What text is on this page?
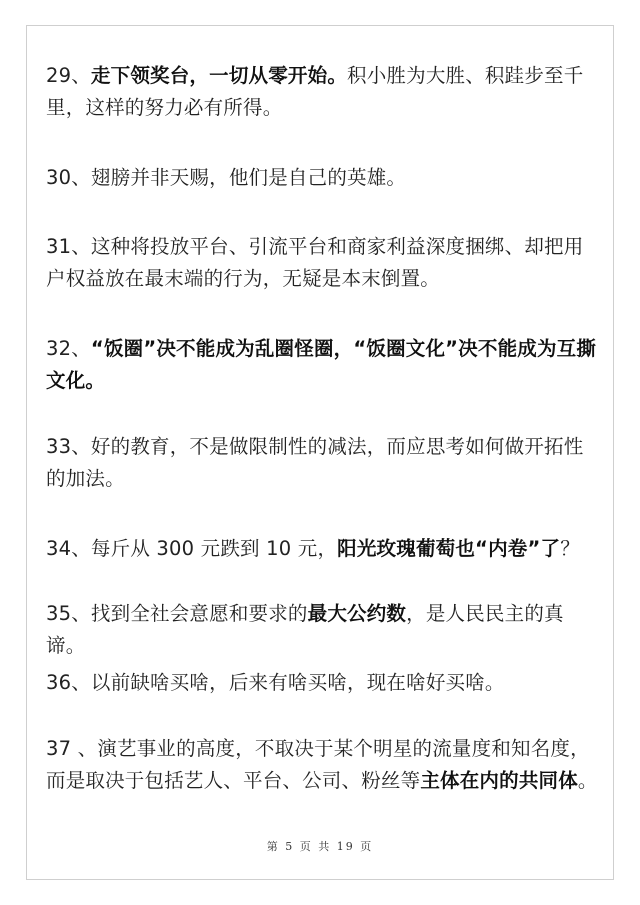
29、走下领奖台，一切从零开始。积小胜为大胜、积跬步至千里，这样的努力必有所得。

30、翅膀并非天赐，他们是自己的英雄。

31、这种将投放平台、引流平台和商家利益深度捆绑、却把用户权益放在最末端的行为，无疑是本末倒置。

32、“饭圈”决不能成为乱圈怪圈，“饭圈文化”决不能成为互撕文化。

33、好的教育，不是做限制性的减法，而应思考如何做开拓性的加法。

34、每斤从 300 元跌到 10 元，阳光玫瑰葡萄也“内卷”了？

35、找到全社会意愿和要求的最大公约数，是人民民主的真谛。

36、以前缺啥买啥，后来有啥买啥，现在啥好买啥。

37 、演艺事业的高度，不取决于某个明星的流量度和知名度，而是取决于包括艺人、平台、公司、粉丝等主体在内的共同体。

第 5 页 共 19 页
